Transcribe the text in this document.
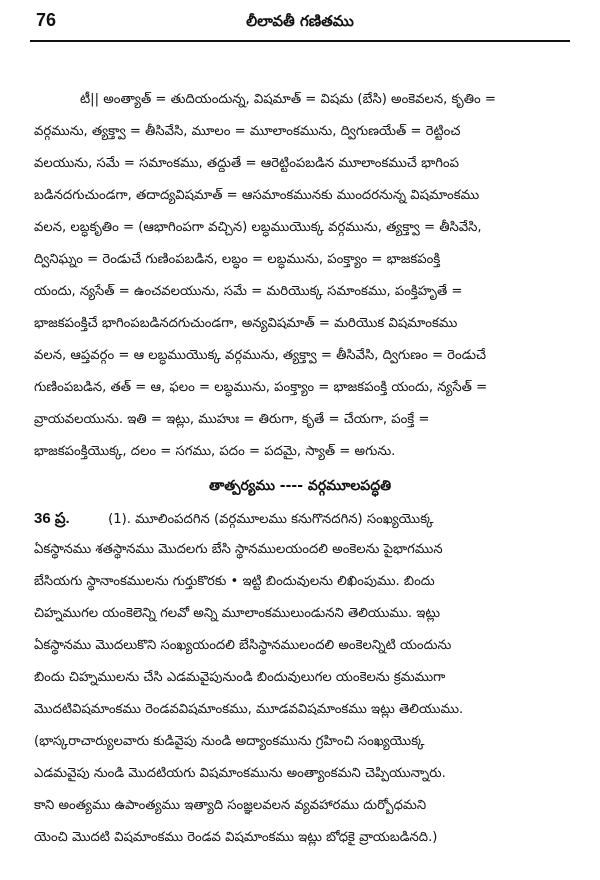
76	లీలావతీ గణితము
టీ|| అంత్యాత్ = తుదియందున్న, విషమాత్ = విషమ (బేసి) అంకెవలన, కృతిం =
వర్గమును, త్యక్త్వా = తీసివేసి, మూలం = మూలాంకమును, ద్విగుణయేత్ = రెట్టించ
వలయును, సమే = సమాంకము, తద్దుతే = ఆరెట్టింపబడిన మూలాంకముచే భాగింప
బడినదగుచుండగా, తదాద్యవిషమాత్ = ఆసమాంకమునకు ముందరనున్న విషమాంకము
వలన, లబ్ధకృతిం = (ఆభాగింపగా వచ్చిన) లబ్ధముయొక్క వర్గమును, త్యక్త్వా = తీసివేసి,
ద్వినిఘ్నం = రెండుచే గుణింపబడిన, లబ్ధం = లబ్ధమును, పంక్త్యాం = భాజకపంక్తి
యందు, న్యసేత్ = ఉంచవలయును, సమే = మరియొక్క సమాంకము, పంక్తిహృతే =
భాజకపంక్తిచే భాగింపబడినదగుచుండగా, అన్యవిషమాత్ = మరియొక విషమాంకము
వలన, ఆప్తవర్గం = ఆ లబ్ధముయొక్క వర్గమును, త్యక్త్వా = తీసివేసి, ద్విగుణం = రెండుచే
గుణింపబడిన, తత్ = ఆ, ఫలం = లబ్ధమును, పంక్త్యాం = భాజకపంక్తి యందు, న్యసేత్ =
వ్రాయవలయును. ఇతి = ఇట్లు, ముహుః = తిరుగా, కృతే = చేయగా, పంక్తే =
భాజకపంక్తియొక్క, దలం = సగము, పదం = పదమై, స్యాత్ = అగును.
తాత్పర్యము ---- వర్గమూలపద్ధతి
36 ప్ర.	(1). మూలింపదగిన (వర్గమూలము కనుగొనదగిన) సంఖ్యయొక్క
ఏకస్థానము శతస్థానము మొదలగు బేసి స్థానములయందలి అంకెలను పైభాగమున
బేసియగు స్థానాంకములను గుర్తుకొరకు • ఇట్టి బిందువులను లిఖింపుము. బిందు
చిహ్నముగల యంకెలెన్ని గలవో అన్ని మూలాంకములుండునని తెలియుము. ఇట్లు
ఏకస్థానము మొదలుకొని సంఖ్యయందలి బేసిస్థానములందలి అంకెలన్నిటి యందును
బిందు చిహ్నములను చేసి ఎడమవైపునుండి బిందువులుగల యంకెలను క్రమముగా
మొదటివిషమాంకము రెండవవిషమాంకము, మూడవవిషమాంకము ఇట్లు తెలియుము.
(భాస్కరాచార్యులవారు కుడివైపు నుండి అద్యాంకమును గ్రహించి సంఖ్యయొక్క
ఎడమవైపు నుండి మొదటియగు విషమాంకమును అంత్యాంకమని చెప్పియున్నారు.
కాని అంత్యము ఉపాంత్యము ఇత్యాది సంజ్ఞలవలన వ్యవహారము దుర్బోధమని
యెంచి మొదటి విషమాంకము రెండవ విషమాంకము ఇట్లు బోధకై వ్రాయబడినది.)
